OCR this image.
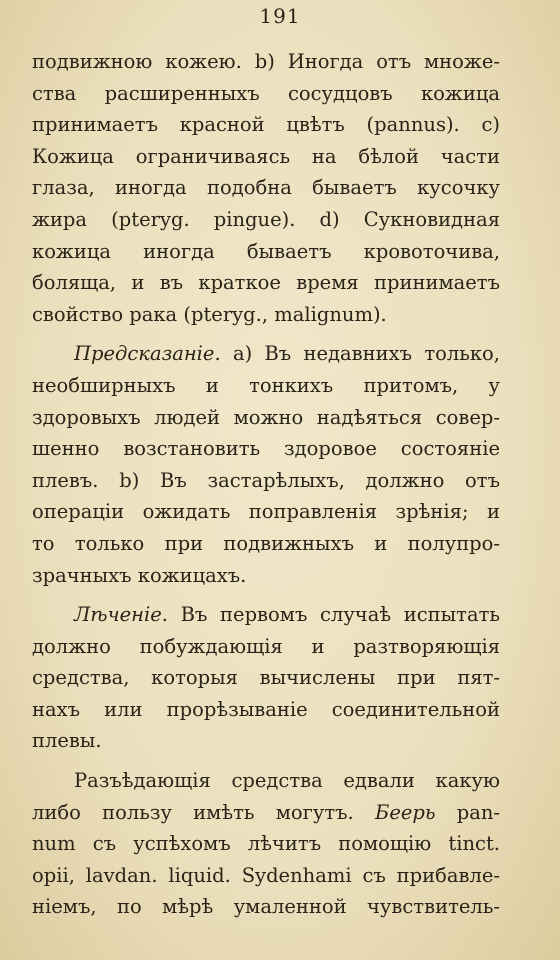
191
подвижною кожею. b) Иногда отъ множе-
ства расширенныхъ сосудцовъ кожица
принимаетъ красной цвѣтъ (pannus). c)
Кожица ограничиваясь на бѣлой части
глаза, иногда подобна бываетъ кусочку
жира (pteryg. pingue). d) Сукновидная
кожица иногда бываетъ кровоточива,
болящa, и въ краткое время принимаетъ
свойство рака (pteryg., malignum).
Предсказаніе. a) Въ недавнихъ только,
необширныхъ и тонкихъ притомъ, у
здоровыхъ людей можно надѣяться совер-
шенно возстановить здоровое состояніе
плевъ. b) Въ застарѣлыхъ, должно отъ
операціи ожидать поправленія зрѣнія; и
то только при подвижныхъ и полупро-
зрачныхъ кожицахъ.
Лѣченіе. Въ первомъ случаѣ испытать
должно побуждающія и разтворяющія
средства, которыя вычислены при пят-
нахъ или прорѣзываніе соединительной
плевы.
Разъѣдающія средства едвали какую
либо пользу имѣть могутъ. Беерь pan-
num съ успѣхомъ лѣчитъ помощію tinct.
opii, lavdan. liquid. Sydenhami съ прибавле-
ніемъ, по мѣрѣ умаленной чувствитель-
